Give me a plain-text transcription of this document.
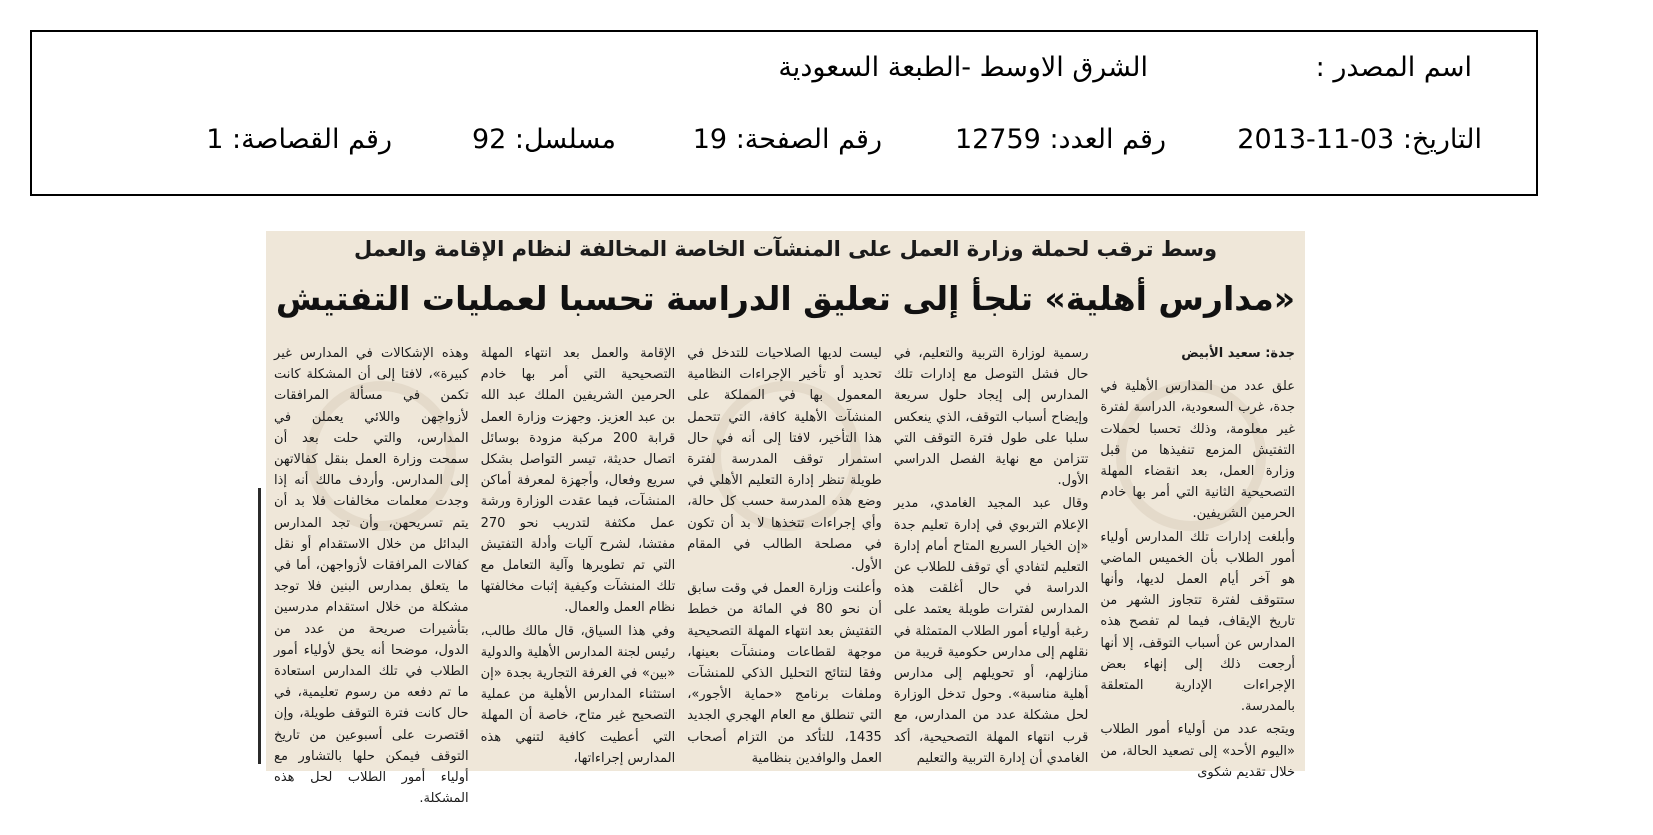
اسم المصدر :
الشرق الاوسط -الطبعة السعودية
التاريخ: 03-11-2013
رقم العدد: 12759
رقم الصفحة: 19
مسلسل: 92
رقم القصاصة: 1
وسط ترقب لحملة وزارة العمل على المنشآت الخاصة المخالفة لنظام الإقامة والعمل
«مدارس أهلية» تلجأ إلى تعليق الدراسة تحسبا لعمليات التفتيش

جدة: سعيد الأبيض

علق عدد من المدارس الأهلية في جدة، غرب السعودية، الدراسة لفترة غير معلومة، وذلك تحسبا لحملات التفتيش المزمع تنفيذها من قبل وزارة العمل، بعد انقضاء المهلة التصحيحية الثانية التي أمر بها خادم الحرمين الشريفين.

وأبلغت إدارات تلك المدارس أولياء أمور الطلاب بأن الخميس الماضي هو آخر أيام العمل لديها، وأنها ستتوقف لفترة تتجاوز الشهر من تاريخ الإيقاف، فيما لم تفصح هذه المدارس عن أسباب التوقف، إلا أنها أرجعت ذلك إلى إنهاء بعض الإجراءات الإدارية المتعلقة بالمدرسة.

ويتجه عدد من أولياء أمور الطلاب «اليوم الأحد» إلى تصعيد الحالة، من خلال تقديم شكوى

رسمية لوزارة التربية والتعليم، في حال فشل التوصل مع إدارات تلك المدارس إلى إيجاد حلول سريعة وإيضاح أسباب التوقف، الذي ينعكس سلبا على طول فترة التوقف التي تتزامن مع نهاية الفصل الدراسي الأول.

وقال عبد المجيد الغامدي، مدير الإعلام التربوي في إدارة تعليم جدة «إن الخيار السريع المتاح أمام إدارة التعليم لتفادي أي توقف للطلاب عن الدراسة في حال أغلقت هذه المدارس لفترات طويلة يعتمد على رغبة أولياء أمور الطلاب المتمثلة في نقلهم إلى مدارس حكومية قريبة من منازلهم، أو تحويلهم إلى مدارس أهلية مناسبة». وحول تدخل الوزارة لحل مشكلة عدد من المدارس، مع قرب انتهاء المهلة التصحيحية، أكد الغامدي أن إدارة التربية والتعليم

ليست لديها الصلاحيات للتدخل في تحديد أو تأخير الإجراءات النظامية المعمول بها في المملكة على المنشآت الأهلية كافة، التي تتحمل هذا التأخير، لافتا إلى أنه في حال استمرار توقف المدرسة لفترة طويلة تنظر إدارة التعليم الأهلي في وضع هذه المدرسة حسب كل حالة، وأي إجراءات تتخذها لا بد أن تكون في مصلحة الطالب في المقام الأول.

وأعلنت وزارة العمل في وقت سابق أن نحو 80 في المائة من خطط التفتيش بعد انتهاء المهلة التصحيحية موجهة لقطاعات ومنشآت بعينها، وفقا لنتائج التحليل الذكي للمنشآت وملفات برنامج «حماية الأجور»، التي تنطلق مع العام الهجري الجديد 1435، للتأكد من التزام أصحاب العمل والوافدين بنظامية

الإقامة والعمل بعد انتهاء المهلة التصحيحية التي أمر بها خادم الحرمين الشريفين الملك عبد الله بن عبد العزيز. وجهزت وزارة العمل قرابة 200 مركبة مزودة بوسائل اتصال حديثة، تيسر التواصل بشكل سريع وفعال، وأجهزة لمعرفة أماكن المنشآت، فيما عقدت الوزارة ورشة عمل مكثفة لتدريب نحو 270 مفتشا، لشرح آليات وأدلة التفتيش التي تم تطويرها وآلية التعامل مع تلك المنشآت وكيفية إثبات مخالفتها نظام العمل والعمال.

وفي هذا السياق، قال مالك طالب، رئيس لجنة المدارس الأهلية والدولية «بين» في الغرفة التجارية بجدة «إن استثناء المدارس الأهلية من عملية التصحيح غير متاح، خاصة أن المهلة التي أعطيت كافية لتنهي هذه المدارس إجراءاتها،

وهذه الإشكالات في المدارس غير كبيرة»، لافتا إلى أن المشكلة كانت تكمن في مسألة المرافقات لأزواجهن واللائي يعملن في المدارس، والتي حلت بعد أن سمحت وزارة العمل بنقل كفالاتهن إلى المدارس. وأردف مالك أنه إذا وجدت معلمات مخالفات فلا بد أن يتم تسريحهن، وأن تجد المدارس البدائل من خلال الاستقدام أو نقل كفالات المرافقات لأزواجهن، أما في ما يتعلق بمدارس البنين فلا توجد مشكلة من خلال استقدام مدرسين بتأشيرات صريحة من عدد من الدول، موضحا أنه يحق لأولياء أمور الطلاب في تلك المدارس استعادة ما تم دفعه من رسوم تعليمية، في حال كانت فترة التوقف طويلة، وإن اقتصرت على أسبوعين من تاريخ التوقف فيمكن حلها بالتشاور مع أولياء أمور الطلاب لحل هذه المشكلة.
